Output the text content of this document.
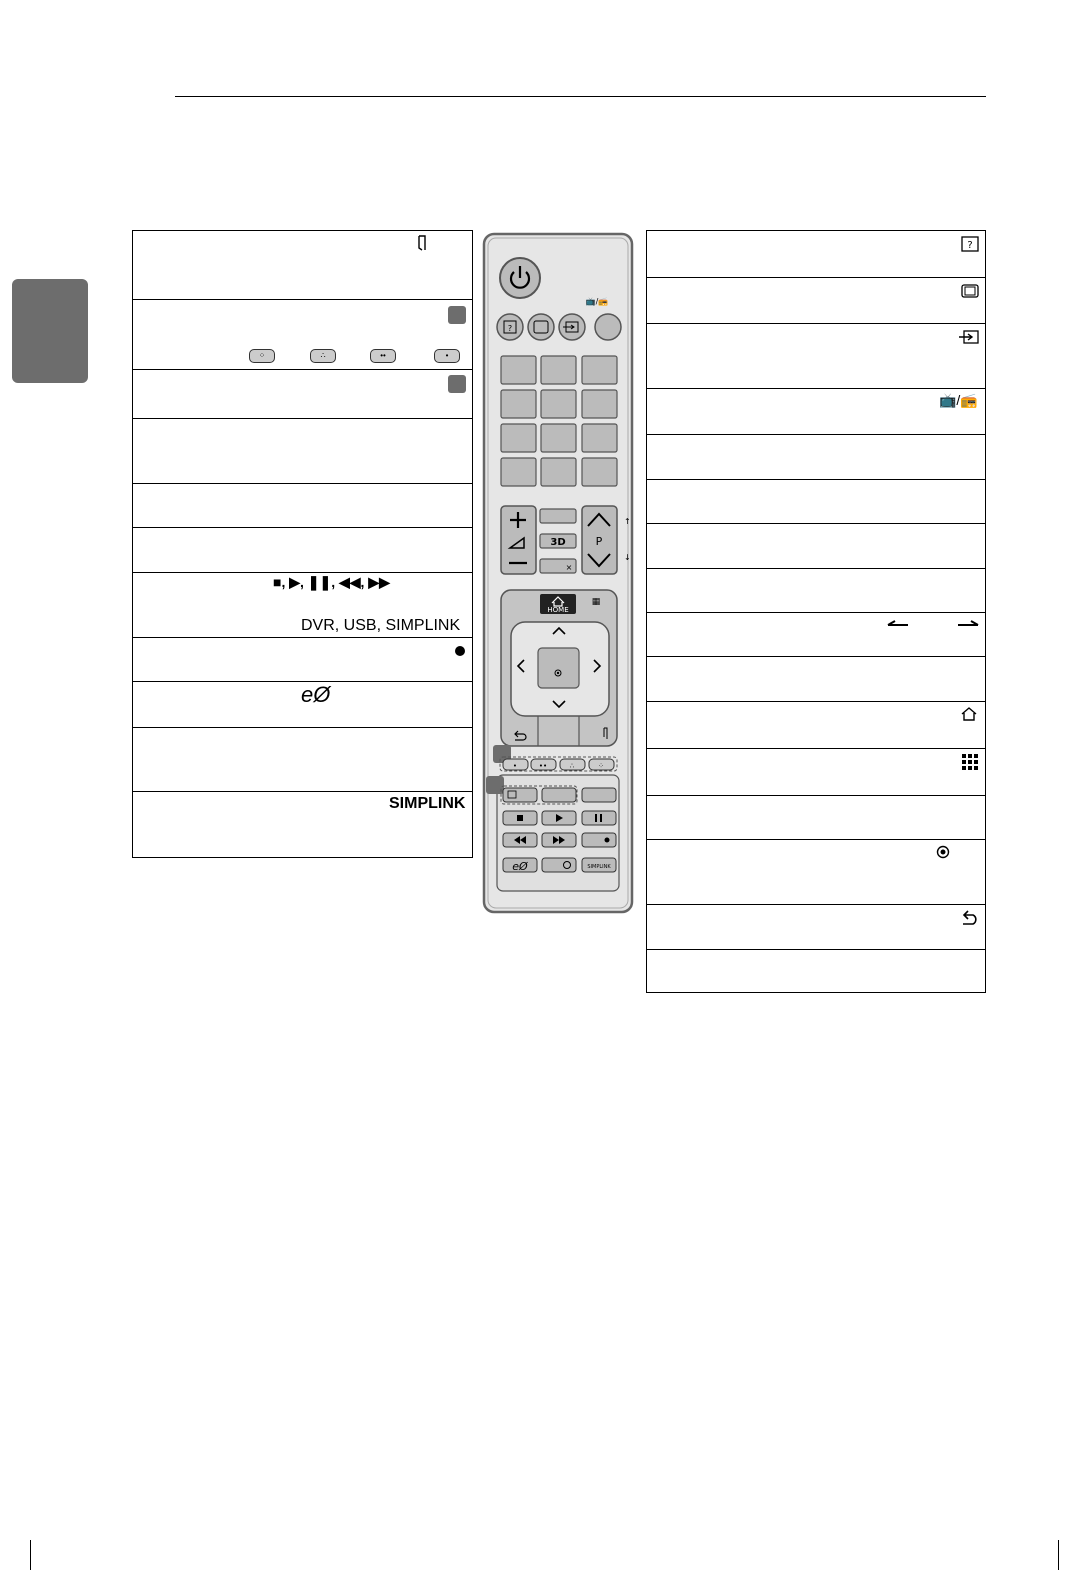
⁘	∴	••	•
■, ▶, ❚❚, ◀◀, ▶▶
DVR, USB, SIMPLINK
eØ
SIMPLINK
?
📺/📻
📺/📻
?
3D
×
P
↑
↓
HOME
▦
•	••	∴	⁘
eØ	SIMPLINK
